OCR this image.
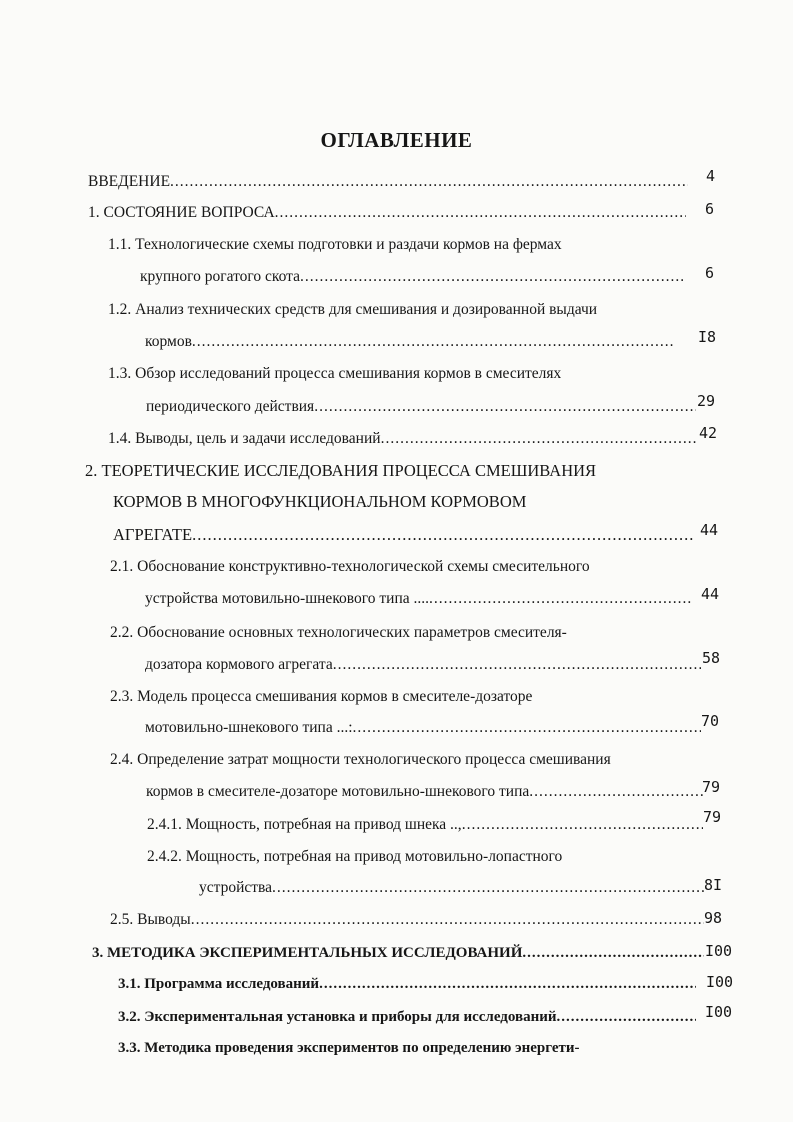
ОГЛАВЛЕНИЕ
ВВЕДЕНИЕ .....	4
1. СОСТОЯНИЕ ВОПРОСА .....	6
1.1. Технологические схемы подготовки и раздачи кормов на фермах
крупного рогатого скота .....	6
1.2. Анализ технических средств для смешивания и дозированной выдачи
кормов .....	I8
1.3. Обзор исследований процесса смешивания кормов в смесителях
периодического действия .....	29
1.4. Выводы, цель и задачи исследований .....	42
2. ТЕОРЕТИЧЕСКИЕ ИССЛЕДОВАНИЯ ПРОЦЕССА СМЕШИВАНИЯ
КОРМОВ В МНОГОФУНКЦИОНАЛЬНОМ КОРМОВОМ
АГРЕГАТЕ .....	44
2.1. Обоснование конструктивно-технологической схемы смесительного
устройства мотовильно-шнекового типа .... .....	44
2.2. Обоснование основных технологических параметров смесителя-
дозатора кормового агрегата .....	58
2.3. Модель процесса смешивания кормов в смесителе-дозаторе
мотовильно-шнекового типа ...: .....	70
2.4. Определение затрат мощности технологического процесса смешивания
кормов в смесителе-дозаторе мотовильно-шнекового типа .....	79
2.4.1. Мощность, потребная на привод шнека .., .....	79
2.4.2. Мощность, потребная на привод мотовильно-лопастного
устройства .....	8I
2.5. Выводы .....	98
3. МЕТОДИКА ЭКСПЕРИМЕНТАЛЬНЫХ ИССЛЕДОВАНИЙ .....	I00
3.1. Программа исследований .....	I00
3.2. Экспериментальная установка и приборы для исследований .....	I00
3.3. Методика проведения экспериментов по определению энергети-
